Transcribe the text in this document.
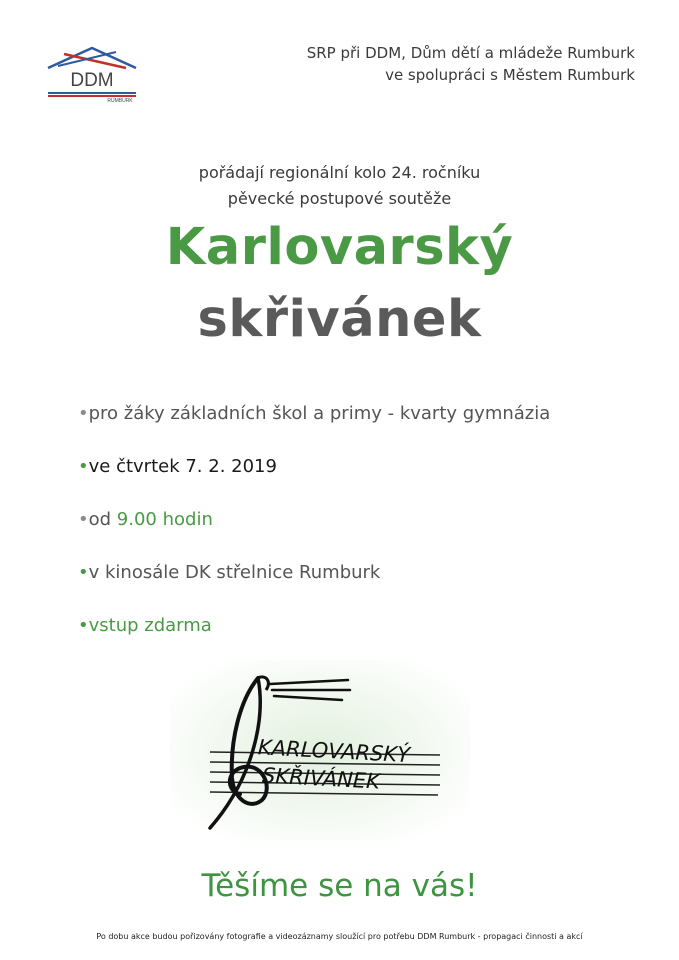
DDM
RUMBURK
SRP při DDM, Dům dětí a mládeže Rumburk
ve spolupráci s Městem Rumburk
pořádají regionální kolo 24. ročníku
pěvecké postupové soutěže
Karlovarský
skřivánek
•pro žáky základních škol a primy - kvarty gymnázia
•ve čtvrtek 7. 2. 2019
•od 9.00 hodin
•v kinosále DK střelnice Rumburk
•vstup zdarma
KARLOVARSKÝ
SKŘIVÁNEK
Těšíme se na vás!
Po dobu akce budou pořizovány fotografie a videozáznamy sloužící pro potřebu DDM Rumburk - propagaci činnosti a akcí
